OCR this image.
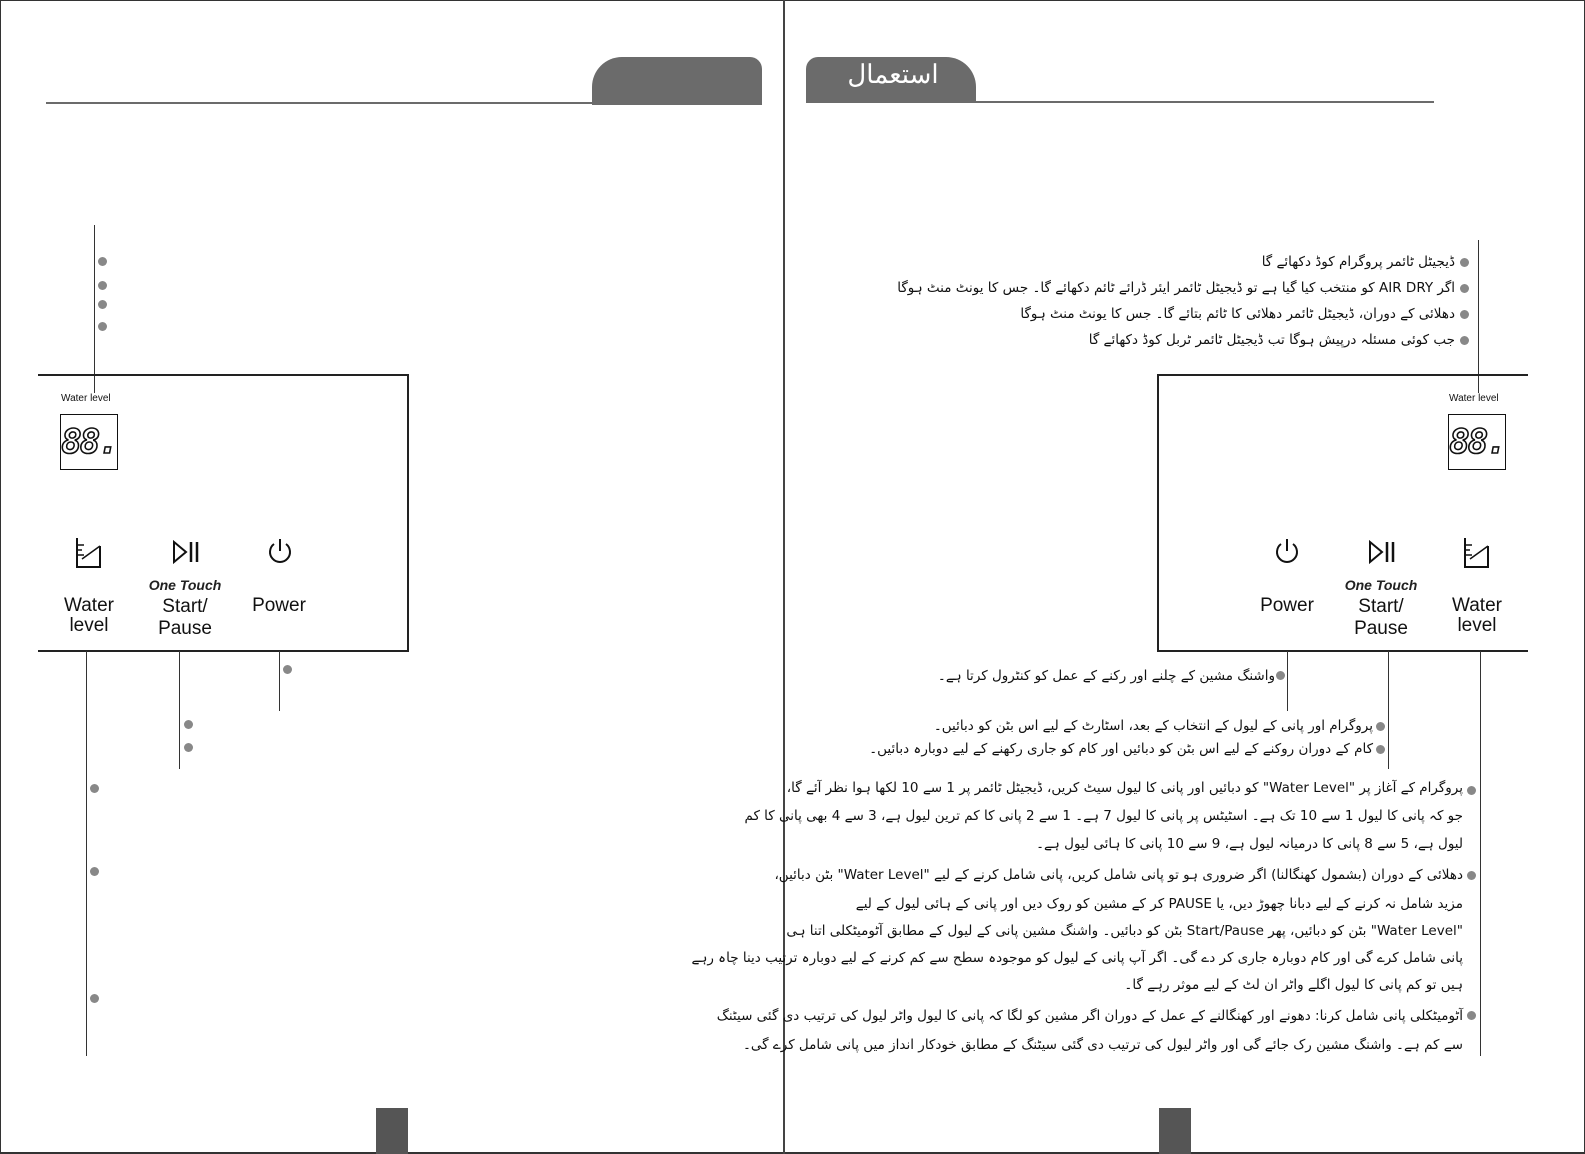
Water level
88.
One Touch
Water
level
Start/
Pause
Power
استعمال
ڈیجیٹل ٹائمر پروگرام کوڈ دکھائے گا
اگر AIR DRY کو منتخب کیا گیا ہے تو ڈیجیٹل ٹائمر ایئر ڈرائے ٹائم دکھائے گا۔ جس کا یونٹ منٹ ہوگا
دھلائی کے دوران، ڈیجیٹل ٹائمر دھلائی کا ٹائم بتائے گا۔ جس کا یونٹ منٹ ہوگا
جب کوئی مسئلہ درپیش ہوگا تب ڈیجیٹل ٹائمر ٹربل کوڈ دکھائے گا
Water level
88.
One Touch
Power	Start/
Pause
Water
level
واشنگ مشین کے چلنے اور رکنے کے عمل کو کنٹرول کرتا ہے۔
پروگرام اور پانی کے لیول کے انتخاب کے بعد، اسٹارٹ کے لیے اس بٹن کو دبائیں۔
کام کے دوران روکنے کے لیے اس بٹن کو دبائیں اور کام کو جاری رکھنے کے لیے دوبارہ دبائیں۔
پروگرام کے آغاز پر "Water Level" کو دبائیں اور پانی کا لیول سیٹ کریں، ڈیجیٹل ٹائمر پر 1 سے 10 لکھا ہوا نظر آئے گا،
جو کہ پانی کا لیول 1 سے 10 تک ہے۔ اسٹیٹس پر پانی کا لیول 7 ہے۔ 1 سے 2 پانی کا کم ترین لیول ہے، 3 سے 4 بھی پانی کا کم
لیول ہے، 5 سے 8 پانی کا درمیانہ لیول ہے، 9 سے 10 پانی کا ہائی لیول ہے۔
دھلائی کے دوران (بشمول کھنگالنا) اگر ضروری ہو تو پانی شامل کریں، پانی شامل کرنے کے لیے "Water Level" بٹن دبائیں،
مزید شامل نہ کرنے کے لیے دبانا چھوڑ دیں، یا PAUSE کر کے مشین کو روک دیں اور پانی کے ہائی لیول کے لیے
"Water Level" بٹن کو دبائیں، پھر Start/Pause بٹن کو دبائیں۔ واشنگ مشین پانی کے لیول کے مطابق آٹومیٹکلی اتنا ہی
پانی شامل کرے گی اور کام دوبارہ جاری کر دے گی۔ اگر آپ پانی کے لیول کو موجودہ سطح سے کم کرنے کے لیے دوبارہ ترتیب دینا چاہ رہے
ہیں تو کم پانی کا لیول اگلے واٹر ان لٹ کے لیے موثر رہے گا۔
آٹومیٹکلی پانی شامل کرنا: دھونے اور کھنگالنے کے عمل کے دوران اگر مشین کو لگا کہ پانی کا لیول واٹر لیول کی ترتیب دی گئی سیٹنگ
سے کم ہے۔ واشنگ مشین رک جائے گی اور واٹر لیول کی ترتیب دی گئی سیٹنگ کے مطابق خودکار انداز میں پانی شامل کرے گی۔
